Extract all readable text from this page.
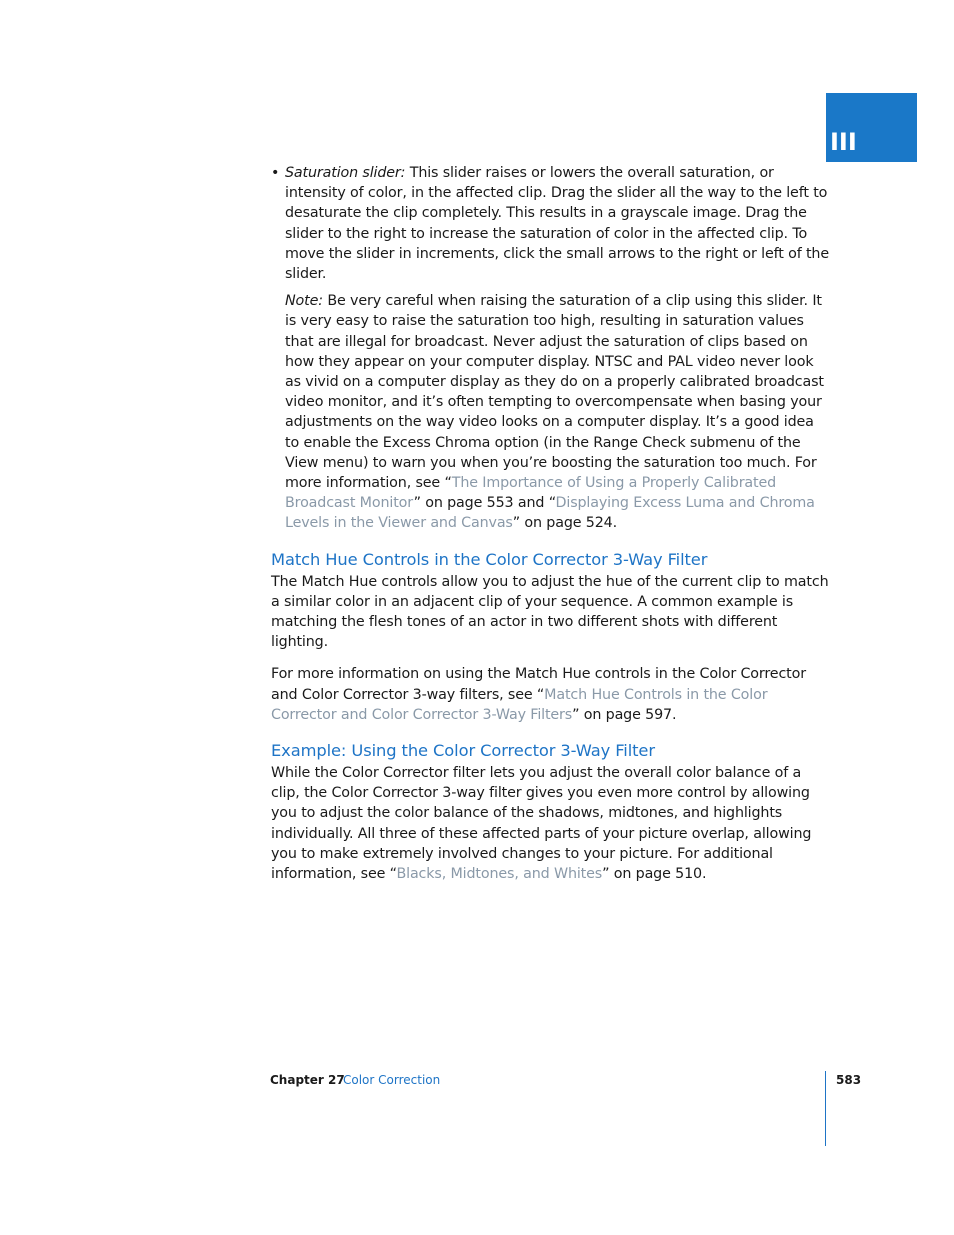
III
• Saturation slider: This slider raises or lowers the overall saturation, or intensity of color, in the affected clip. Drag the slider all the way to the left to desaturate the clip completely. This results in a grayscale image. Drag the slider to the right to increase the saturation of color in the affected clip. To move the slider in increments, click the small arrows to the right or left of the slider.

Note: Be very careful when raising the saturation of a clip using this slider. It is very easy to raise the saturation too high, resulting in saturation values that are illegal for broadcast. Never adjust the saturation of clips based on how they appear on your computer display. NTSC and PAL video never look as vivid on a computer display as they do on a properly calibrated broadcast video monitor, and it’s often tempting to overcompensate when basing your adjustments on the way video looks on a computer display. It’s a good idea to enable the Excess Chroma option (in the Range Check submenu of the View menu) to warn you when you’re boosting the saturation too much. For more information, see “The Importance of Using a Properly Calibrated Broadcast Monitor” on page 553 and “Displaying Excess Luma and Chroma Levels in the Viewer and Canvas” on page 524.

Match Hue Controls in the Color Corrector 3-Way Filter

The Match Hue controls allow you to adjust the hue of the current clip to match a similar color in an adjacent clip of your sequence. A common example is matching the flesh tones of an actor in two different shots with different lighting.

For more information on using the Match Hue controls in the Color Corrector and Color Corrector 3-way filters, see “Match Hue Controls in the Color Corrector and Color Corrector 3-Way Filters” on page 597.

Example: Using the Color Corrector 3-Way Filter

While the Color Corrector filter lets you adjust the overall color balance of a clip, the Color Corrector 3-way filter gives you even more control by allowing you to adjust the color balance of the shadows, midtones, and highlights individually. All three of these affected parts of your picture overlap, allowing you to make extremely involved changes to your picture. For additional information, see “Blacks, Midtones, and Whites” on page 510.

Chapter 27
Color Correction	583
